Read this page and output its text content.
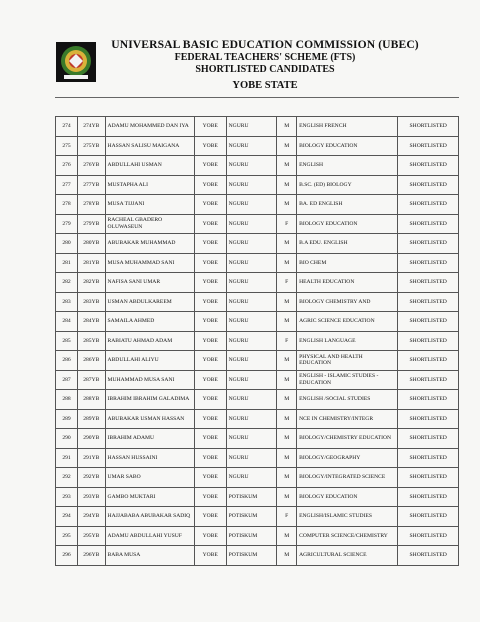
UNIVERSAL BASIC EDUCATION COMMISSION (UBEC)
FEDERAL TEACHERS' SCHEME (FTS)
SHORTLISTED CANDIDATES
YOBE STATE
274	274YB	ADAMU MOHAMMED DAN IYA	YOBE	NGURU	M	ENGLISH FRENCH	SHORTLISTED
275	275YB	HASSAN SALISU MAIGANA	YOBE	NGURU	M	BIOLOGY EDUCATION	SHORTLISTED
276	276YB	ABDULLAHI USMAN	YOBE	NGURU	M	ENGLISH	SHORTLISTED
277	277YB	MUSTAPHA ALI	YOBE	NGURU	M	B.SC. (ED) BIOLOGY	SHORTLISTED
278	278YB	MUSA TIJJANI	YOBE	NGURU	M	BA. ED ENGLISH	SHORTLISTED
279	279YB	RACHEAL GBADERO OLUWASEUN	YOBE	NGURU	F	BIOLOGY EDUCATION	SHORTLISTED
280	280YB	ABUBAKAR MUHAMMAD	YOBE	NGURU	M	B.A EDU. ENGLISH	SHORTLISTED
281	281YB	MUSA MUHAMMAD SANI	YOBE	NGURU	M	BIO CHEM	SHORTLISTED
282	282YB	NAFISA SANI UMAR	YOBE	NGURU	F	HEALTH EDUCATION	SHORTLISTED
283	283YB	USMAN ABDULKAREEM	YOBE	NGURU	M	BIOLOGY CHEMISTRY AND	SHORTLISTED
284	284YB	SAMAILA AHMED	YOBE	NGURU	M	AGRIC SCIENCE EDUCATION	SHORTLISTED
285	285YB	RABIATU AHMAD ADAM	YOBE	NGURU	F	ENGLISH LANGUAGE	SHORTLISTED
286	286YB	ABDULLAHI ALIYU	YOBE	NGURU	M	PHYSICAL AND HEALTH EDUCATION	SHORTLISTED
287	287YB	MUHAMMAD MUSA SANI	YOBE	NGURU	M	ENGLISH - ISLAMIC STUDIES - EDUCATION	SHORTLISTED
288	288YB	IBRAHIM IBRAHIM GALADIMA	YOBE	NGURU	M	ENGLISH /SOCIAL STUDIES	SHORTLISTED
289	289YB	ABUBAKAR USMAN HASSAN	YOBE	NGURU	M	NCE IN CHEMISTRY/INTEGR	SHORTLISTED
290	290YB	IBRAHIM ADAMU	YOBE	NGURU	M	BIOLOGY/CHEMISTRY EDUCATION	SHORTLISTED
291	291YB	HASSAN HUSSAINI	YOBE	NGURU	M	BIOLOGY/GEOGRAPHY	SHORTLISTED
292	292YB	UMAR SABO	YOBE	NGURU	M	BIOLOGY/INTEGRATED SCIENCE	SHORTLISTED
293	293YB	GAMBO MUKTARI	YOBE	POTISKUM	M	BIOLOGY EDUCATION	SHORTLISTED
294	294YB	HAJJABABA ABUBAKAR SADIQ	YOBE	POTISKUM	F	ENGLISH/ISLAMIC STUDIES	SHORTLISTED
295	295YB	ADAMU ABDULLAHI YUSUF	YOBE	POTISKUM	M	COMPUTER SCIENCE/CHEMISTRY	SHORTLISTED
296	296YB	BABA MUSA	YOBE	POTISKUM	M	AGRICULTURAL SCIENCE	SHORTLISTED
